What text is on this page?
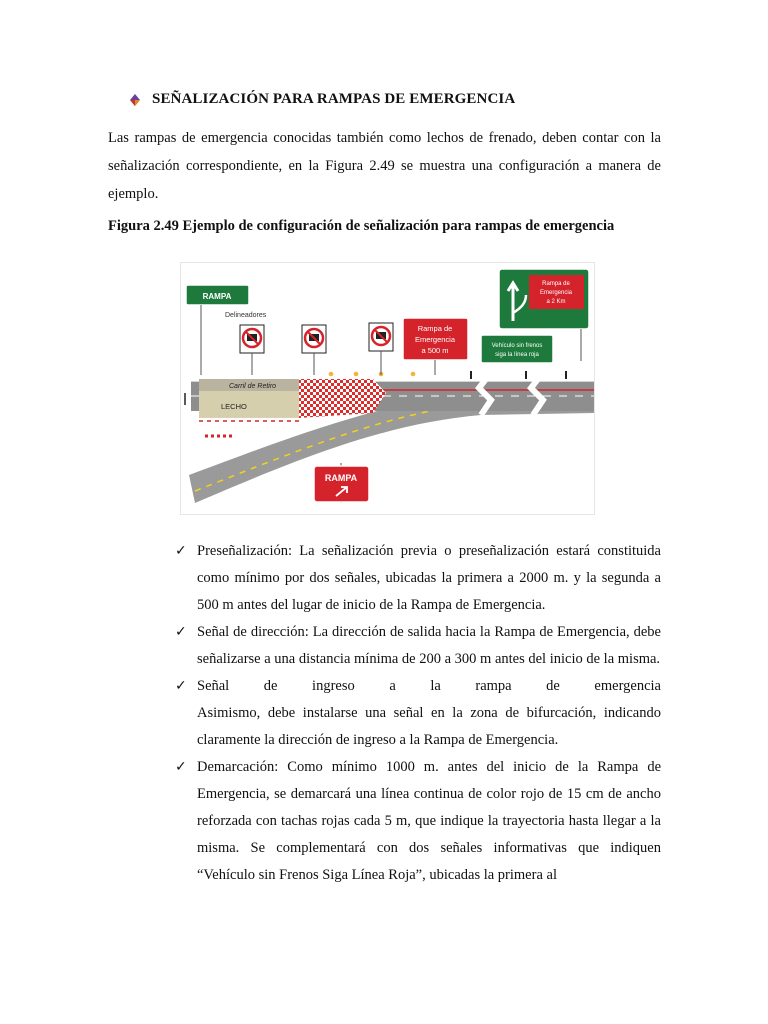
SEÑALIZACIÓN PARA RAMPAS DE EMERGENCIA

Las rampas de emergencia conocidas también como lechos de frenado, deben contar con la señalización correspondiente, en la Figura 2.49 se muestra una configuración a manera de ejemplo.

Figura 2.49 Ejemplo de configuración de señalización para rampas de emergencia
RAMPA
Delineadores
Rampa de
Emergencia
a 500 m
Rampa de
Emergencia
a 2 Km
Vehículo sin frenos
siga la línea roja
Carril de Retiro
LECHO
RAMPA
✓ Preseñalización: La señalización previa o preseñalización estará constituida como mínimo por dos señales, ubicadas la primera a 2000 m. y la segunda a 500 m antes del lugar de inicio de la Rampa de Emergencia.
✓ Señal de dirección: La dirección de salida hacia la Rampa de Emergencia, debe señalizarse a una distancia mínima de 200 a 300 m antes del inicio de la misma.
✓ Señal de ingreso a la rampa de emergencia
Asimismo, debe instalarse una señal en la zona de bifurcación, indicando claramente la dirección de ingreso a la Rampa de Emergencia.
✓ Demarcación: Como mínimo 1000 m. antes del inicio de la Rampa de Emergencia, se demarcará una línea continua de color rojo de 15 cm de ancho reforzada con tachas rojas cada 5 m, que indique la trayectoria hasta llegar a la misma. Se complementará con dos señales informativas que indiquen “Vehículo sin Frenos Siga Línea Roja”, ubicadas la primera al
